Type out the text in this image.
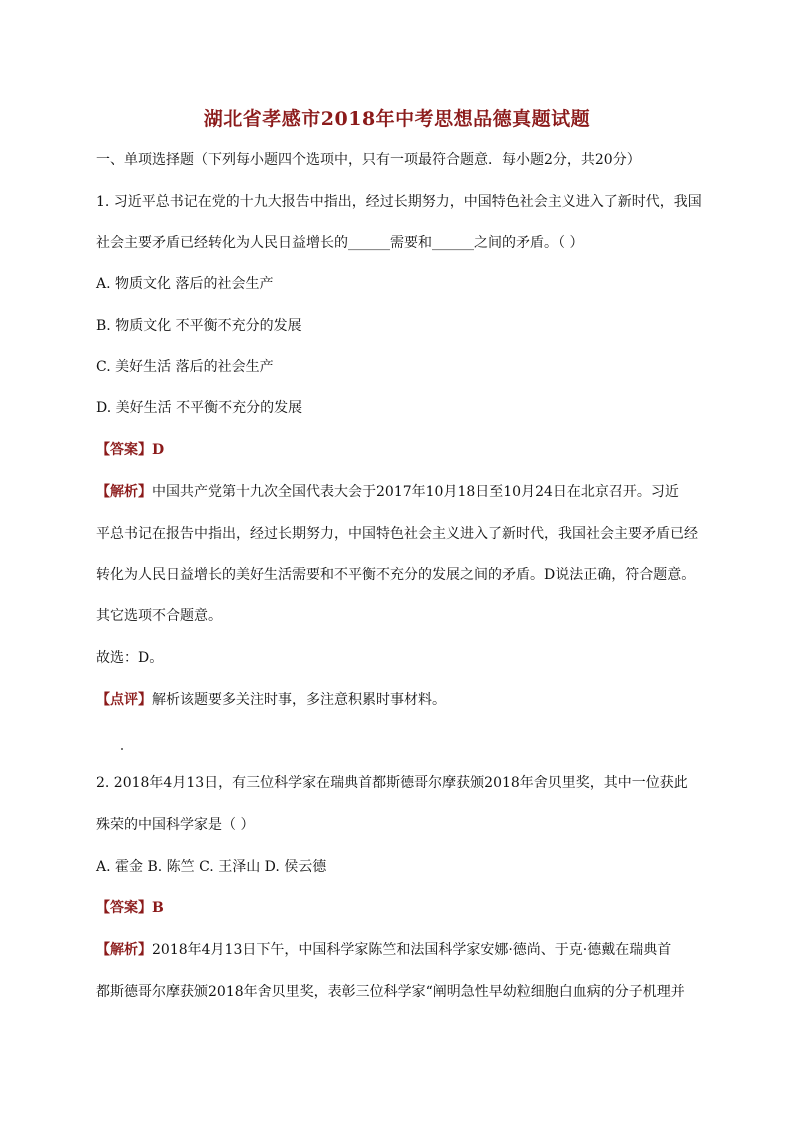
湖北省孝感市2018年中考思想品德真题试题
一、单项选择题（下列每小题四个选项中，只有一项最符合题意．每小题2分，共20分）
1. 习近平总书记在党的十九大报告中指出，经过长期努力，中国特色社会主义进入了新时代，我国
社会主要矛盾已经转化为人民日益增长的______需要和______之间的矛盾。（ ）
A. 物质文化 落后的社会生产
B. 物质文化 不平衡不充分的发展
C. 美好生活 落后的社会生产
D. 美好生活 不平衡不充分的发展
【答案】D
【解析】中国共产党第十九次全国代表大会于2017年10月18日至10月24日在北京召开。习近
平总书记在报告中指出，经过长期努力，中国特色社会主义进入了新时代，我国社会主要矛盾已经
转化为人民日益增长的美好生活需要和不平衡不充分的发展之间的矛盾。D说法正确，符合题意。
其它选项不合题意。
故选：D。
【点评】解析该题要多关注时事，多注意积累时事材料。
2. 2018年4月13日，有三位科学家在瑞典首都斯德哥尔摩获颁2018年舍贝里奖，其中一位获此
殊荣的中国科学家是（ ）
A. 霍金 B. 陈竺 C. 王泽山 D. 侯云德
【答案】B
【解析】2018年4月13日下午，中国科学家陈竺和法国科学家安娜·德尚、于克·德戴在瑞典首
都斯德哥尔摩获颁2018年舍贝里奖，表彰三位科学家“阐明急性早幼粒细胞白血病的分子机理并
